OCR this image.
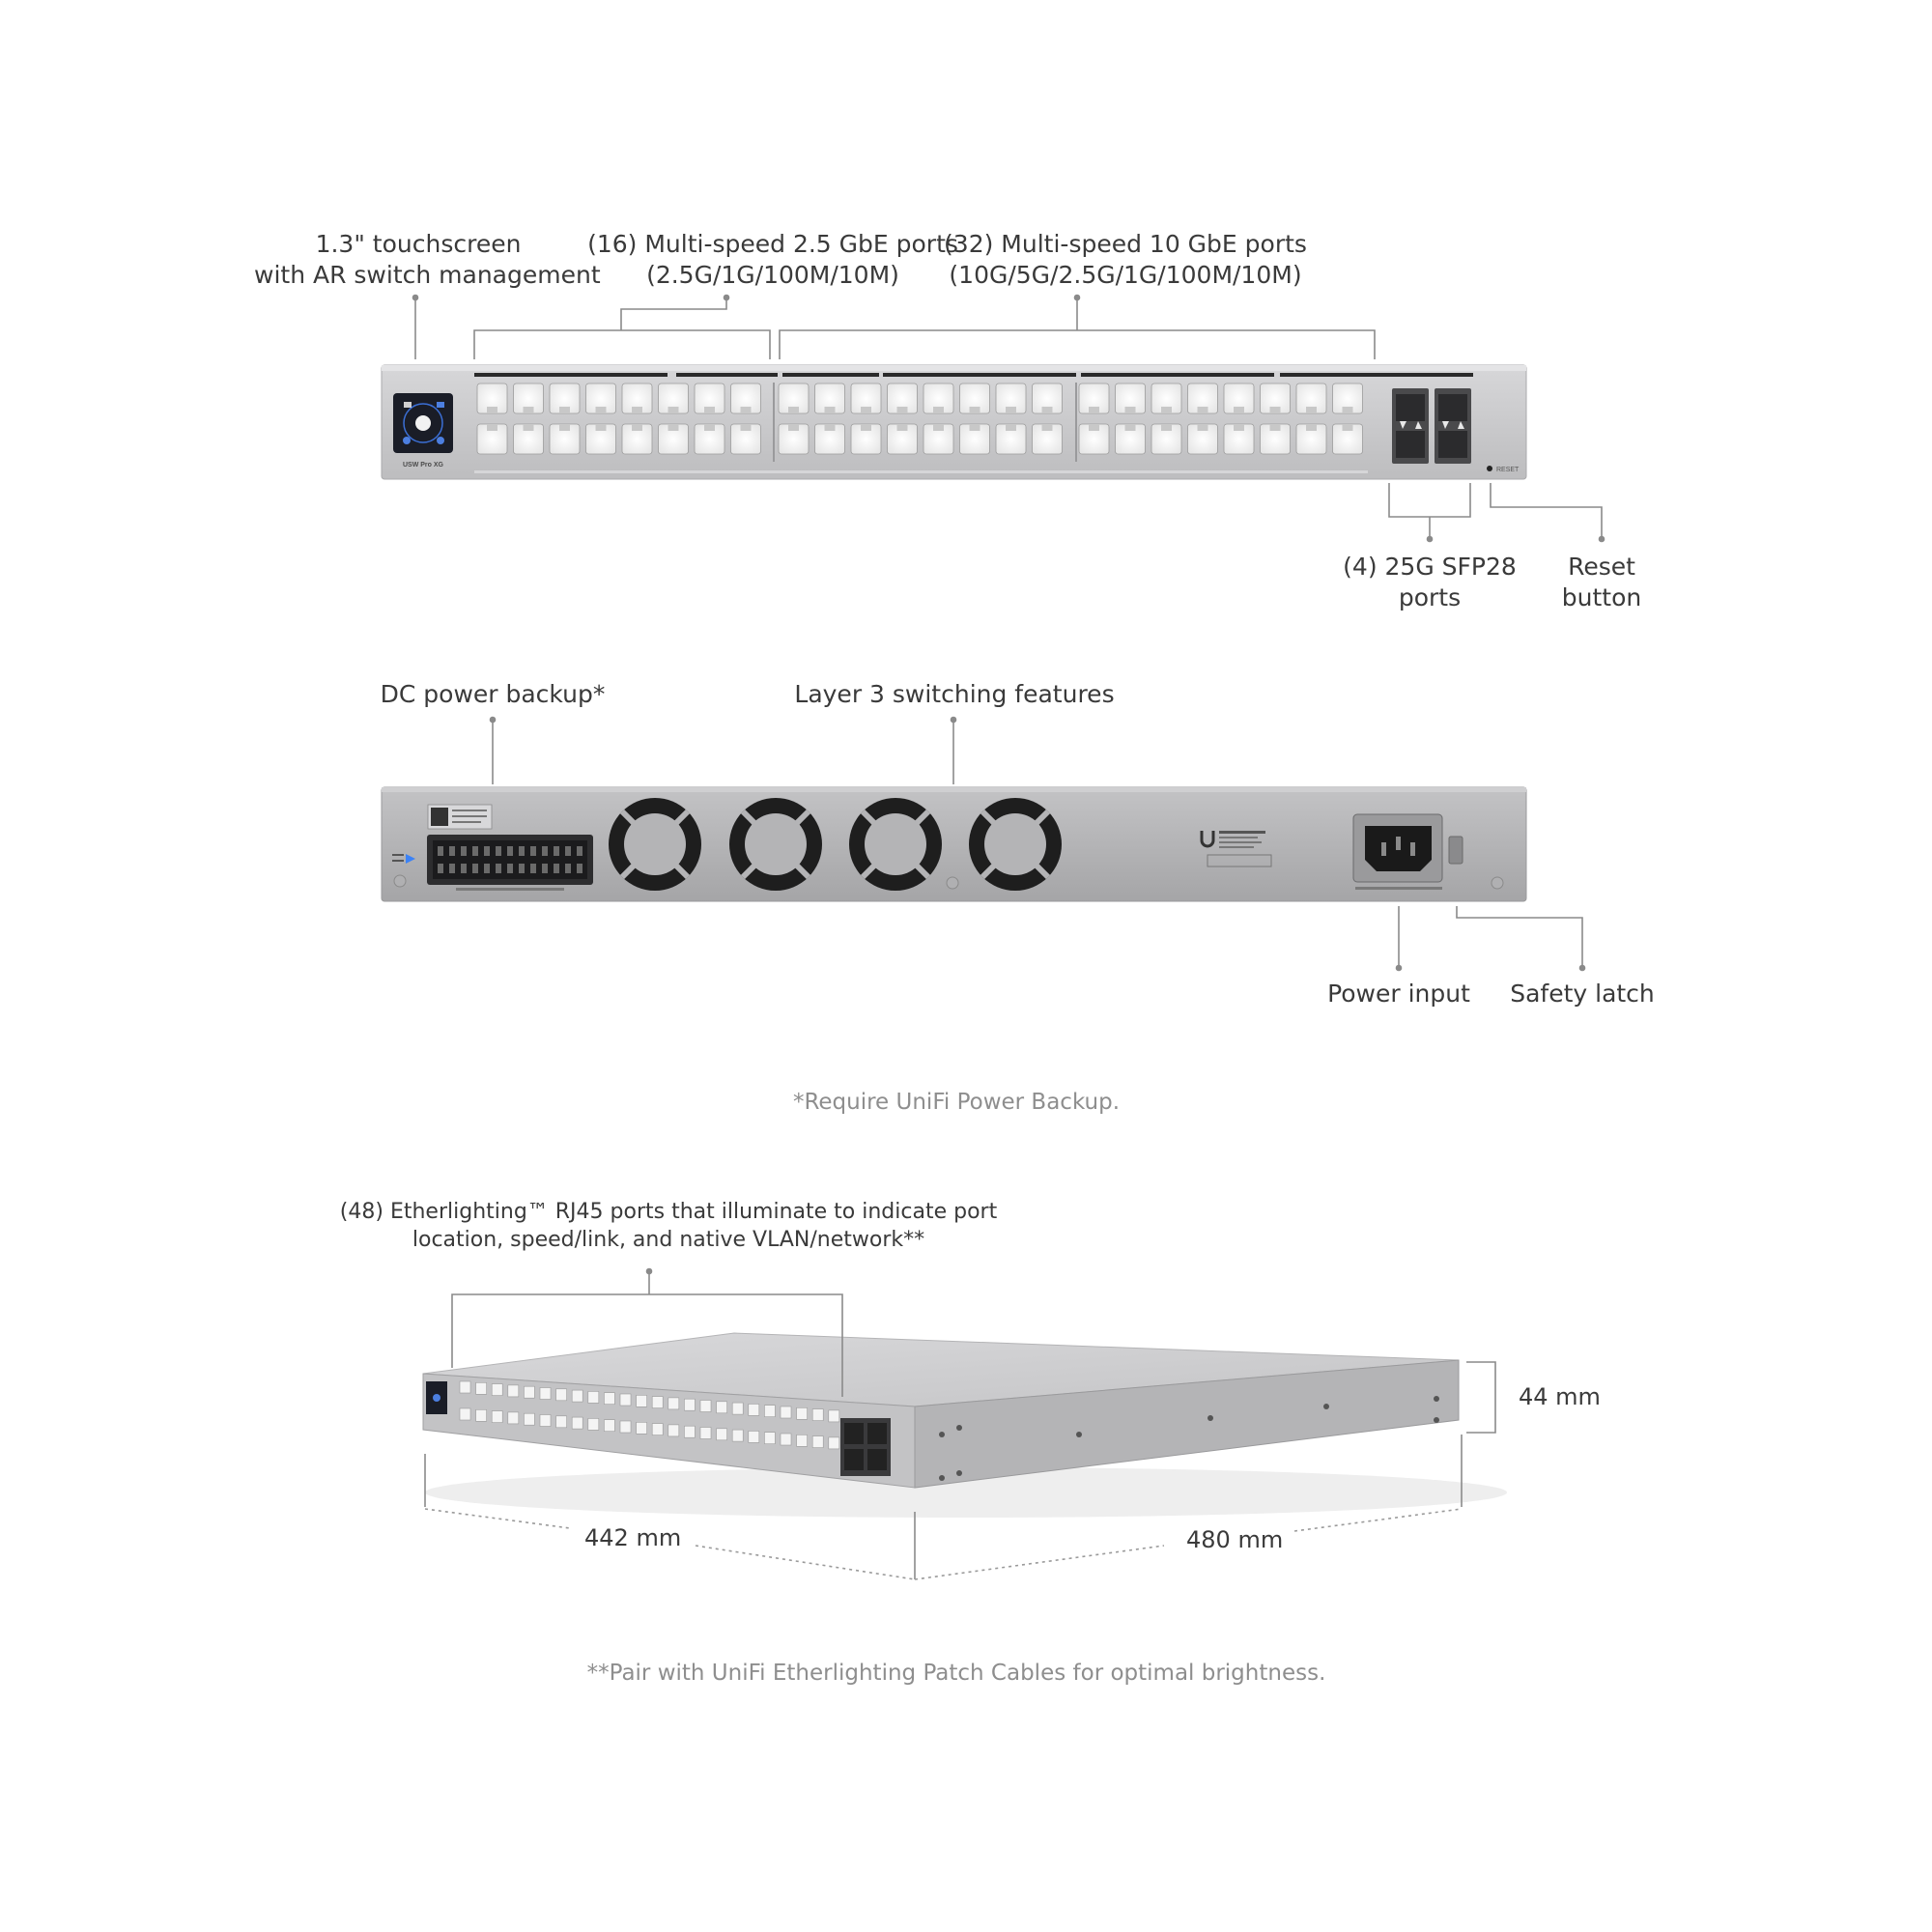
USW Pro XG
RESET
1.3" touchscreen
with AR switch management
(16) Multi-speed 2.5 GbE ports
(2.5G/1G/100M/10M)
(32) Multi-speed 10 GbE ports
(10G/5G/2.5G/1G/100M/10M)
(4) 25G SFP28
ports
Reset
button
DC power backup*	Layer 3 switching features
Power input	Safety latch
*Require UniFi Power Backup.
(48) Etherlighting™ RJ45 ports that illuminate to indicate port
location, speed/link, and native VLAN/network**
44 mm
442 mm	480 mm
**Pair with UniFi Etherlighting Patch Cables for optimal brightness.
